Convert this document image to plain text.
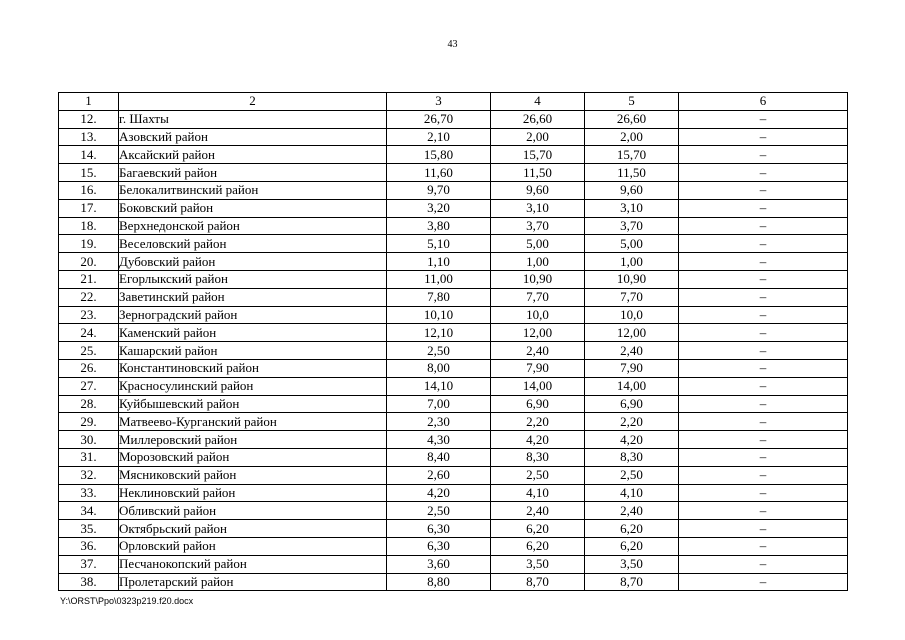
43
1	2	3	4	5	6
12.	г. Шахты	26,70	26,60	26,60	–
13.	Азовский район	2,10	2,00	2,00	–
14.	Аксайский район	15,80	15,70	15,70	–
15.	Багаевский район	11,60	11,50	11,50	–
16.	Белокалитвинский район	9,70	9,60	9,60	–
17.	Боковский район	3,20	3,10	3,10	–
18.	Верхнедонской район	3,80	3,70	3,70	–
19.	Веселовский район	5,10	5,00	5,00	–
20.	Дубовский район	1,10	1,00	1,00	–
21.	Егорлыкский район	11,00	10,90	10,90	–
22.	Заветинский район	7,80	7,70	7,70	–
23.	Зерноградский район	10,10	10,0	10,0	–
24.	Каменский район	12,10	12,00	12,00	–
25.	Кашарский район	2,50	2,40	2,40	–
26.	Константиновский район	8,00	7,90	7,90	–
27.	Красносулинский район	14,10	14,00	14,00	–
28.	Куйбышевский район	7,00	6,90	6,90	–
29.	Матвеево-Курганский район	2,30	2,20	2,20	–
30.	Миллеровский район	4,30	4,20	4,20	–
31.	Морозовский район	8,40	8,30	8,30	–
32.	Мясниковский район	2,60	2,50	2,50	–
33.	Неклиновский район	4,20	4,10	4,10	–
34.	Обливский район	2,50	2,40	2,40	–
35.	Октябрьский район	6,30	6,20	6,20	–
36.	Орловский район	6,30	6,20	6,20	–
37.	Песчанокопский район	3,60	3,50	3,50	–
38.	Пролетарский район	8,80	8,70	8,70	–
Y:\ORST\Ppo\0323p219.f20.docx
